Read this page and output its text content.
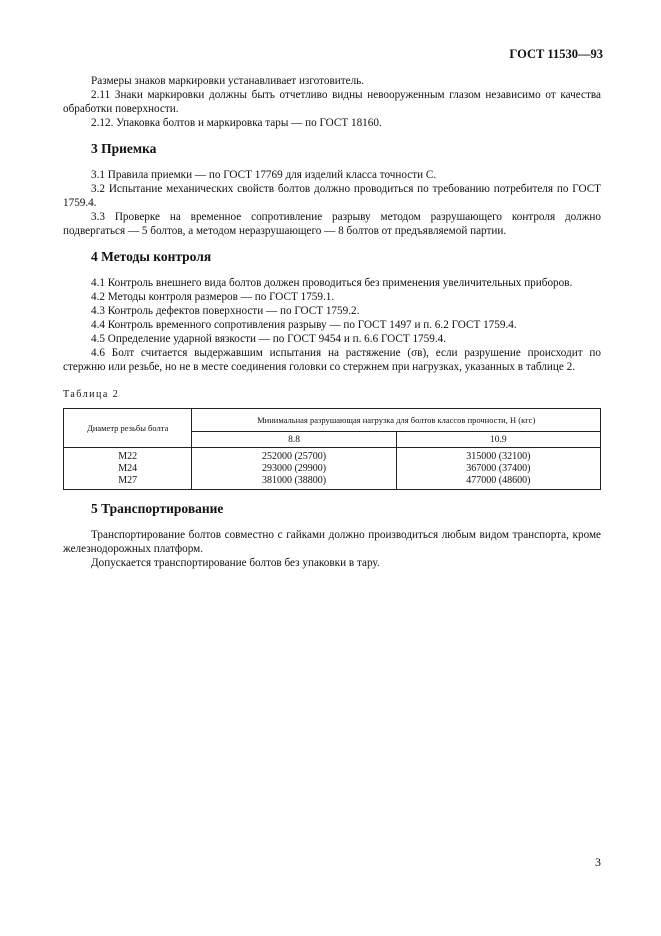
ГОСТ 11530—93

Размеры знаков маркировки устанавливает изготовитель.

2.11 Знаки маркировки должны быть отчетливо видны невооруженным глазом независимо от качества обработки поверхности.

2.12. Упаковка болтов и маркировка тары — по ГОСТ 18160.

3 Приемка

3.1 Правила приемки — по ГОСТ 17769 для изделий класса точности С.

3.2 Испытание механических свойств болтов должно проводиться по требованию потребителя по ГОСТ 1759.4.

3.3 Проверке на временное сопротивление разрыву методом разрушающего контроля должно подвергаться — 5 болтов, а методом неразрушающего — 8 болтов от предъявляемой партии.

4 Методы контроля

4.1 Контроль внешнего вида болтов должен проводиться без применения увеличительных приборов.

4.2 Методы контроля размеров — по ГОСТ 1759.1.

4.3 Контроль дефектов поверхности — по ГОСТ 1759.2.

4.4 Контроль временного сопротивления разрыву — по ГОСТ 1497 и п. 6.2 ГОСТ 1759.4.

4.5 Определение ударной вязкости — по ГОСТ 9454 и п. 6.6 ГОСТ 1759.4.

4.6 Болт считается выдержавшим испытания на растяжение (σв), если разрушение происходит по стержню или резьбе, но не в месте соединения головки со стержнем при нагрузках, указанных в таблице 2.

Таблица 2
Диаметр резьбы болта	Минимальная разрушающая нагрузка для болтов классов прочности, Н (кгс)	
	8.8	10.9
М22	252000 (25700)	315000 (32100)
М24	293000 (29900)	367000 (37400)
М27	381000 (38800)	477000 (48600)
5 Транспортирование

Транспортирование болтов совместно с гайками должно производиться любым видом транспорта, кроме железнодорожных платформ.

Допускается транспортирование болтов без упаковки в тару.

3
